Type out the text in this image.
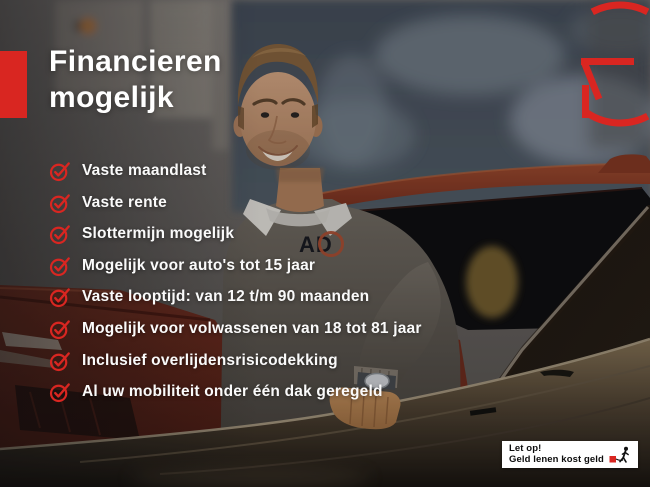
AD
Financieren
mogelijk
Vaste maandlast
Vaste rente
Slottermijn mogelijk
Mogelijk voor auto's tot 15 jaar
Vaste looptijd: van 12 t/m 90 maanden
Mogelijk voor volwassenen van 18 tot 81 jaar
Inclusief overlijdensrisicodekking
Al uw mobiliteit onder één dak geregeld
Let op!
Geld lenen kost geld
